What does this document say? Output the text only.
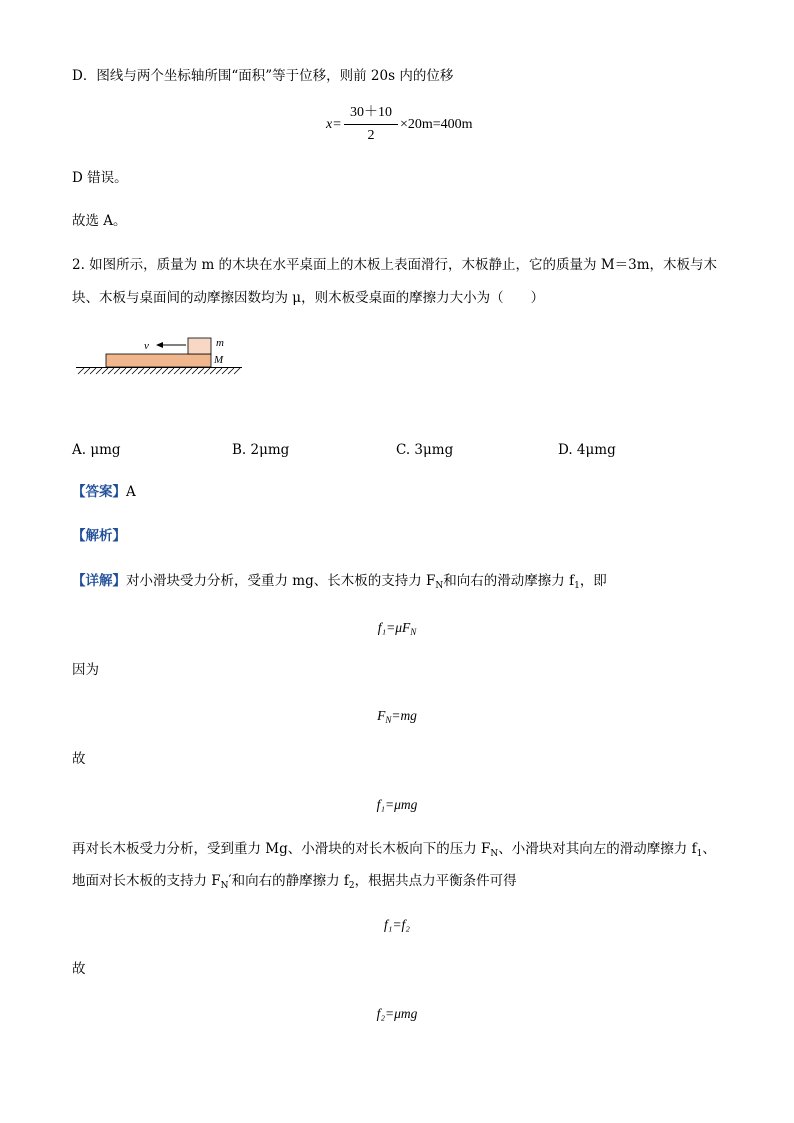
D．图线与两个坐标轴所围“面积”等于位移，则前 20s 内的位移
x=
30＋10
2
×20m=400m
D 错误。
故选 A。
2. 如图所示，质量为 m 的木块在水平桌面上的木板上表面滑行，木板静止，它的质量为 M＝3m，木板与木
块、木板与桌面间的动摩擦因数均为 μ，则木板受桌面的摩擦力大小为（　　）
v	m
M
A. μmg	B. 2μmg	C. 3μmg	D. 4μmg
【答案】A
【解析】
【详解】对小滑块受力分析，受重力 mg、长木板的支持力 $F_N$和向右的滑动摩擦力 $f_1$，即
$f_1=\mu F_N$
因为
$F_N=mg$
故
f₁=μmg
再对长木板受力分析，受到重力 Mg、小滑块的对长木板向下的压力 $F_N$、小滑块对其向左的滑动摩擦力 $f_1$、
地面对长木板的支持力 $F_N'$和向右的静摩擦力 $f_2$，根据共点力平衡条件可得
f₁=f₂
故
f₂=μmg
